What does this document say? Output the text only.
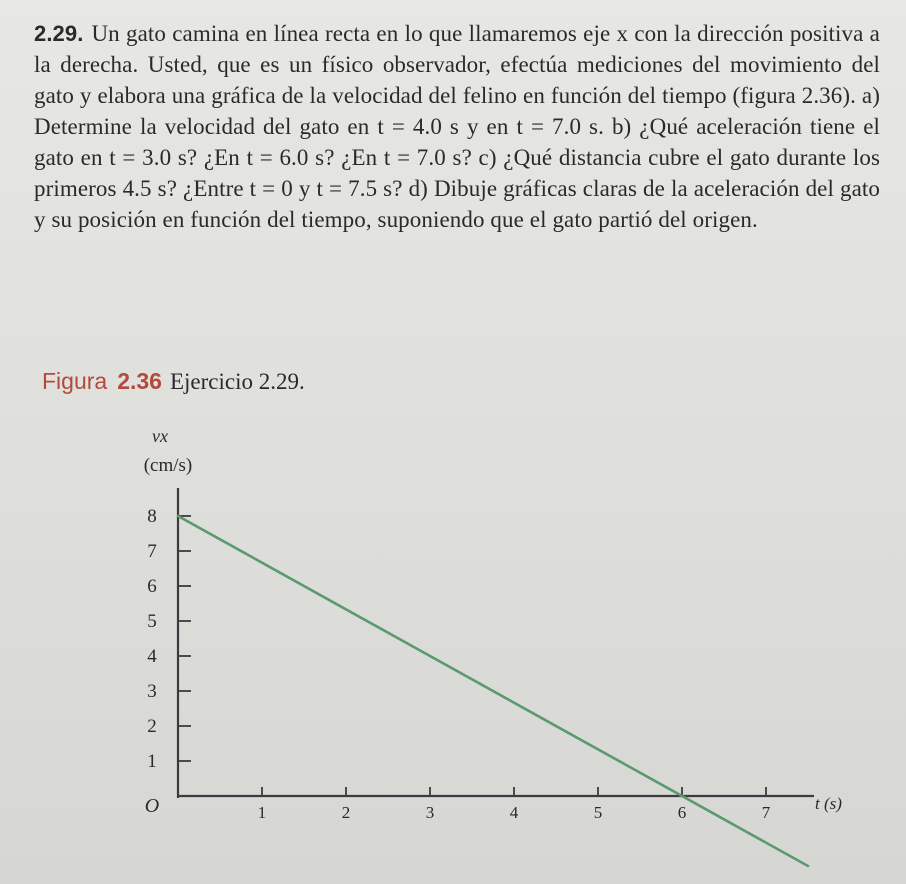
2.29. Un gato camina en línea recta en lo que llamaremos eje x con la dirección positiva a la derecha. Usted, que es un físico observador, efectúa mediciones del movimiento del gato y elabora una gráfica de la velocidad del felino en función del tiempo (figura 2.36). a) Determine la velocidad del gato en t = 4.0 s y en t = 7.0 s. b) ¿Qué aceleración tiene el gato en t = 3.0 s? ¿En t = 6.0 s? ¿En t = 7.0 s? c) ¿Qué distancia cubre el gato durante los primeros 4.5 s? ¿Entre t = 0 y t = 7.5 s? d) Dibuje gráficas claras de la aceleración del gato y su posición en función del tiempo, suponiendo que el gato partió del origen.
Figura 2.36 Ejercicio 2.29.
1	2	3	4	5	6	7
1
2
3
4
5
6
7
8
vx
(cm/s)
t (s)
O
